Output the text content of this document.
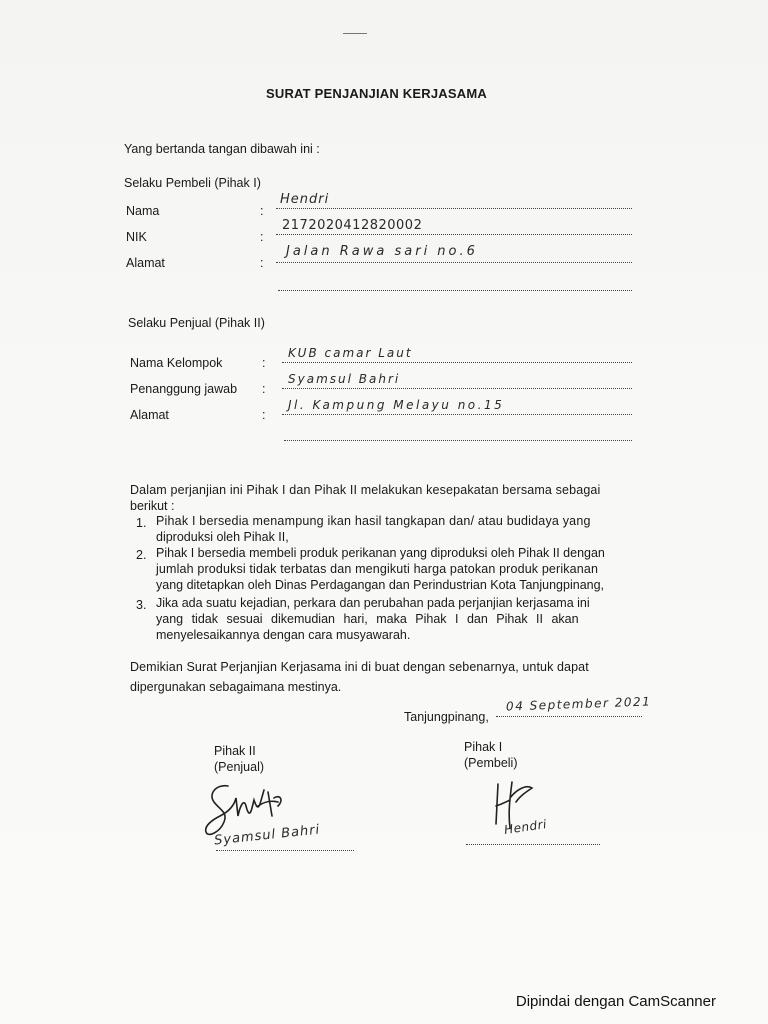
SURAT PENJANJIAN KERJASAMA
Yang bertanda tangan dibawah ini :
Selaku Pembeli (Pihak I)
Nama	:
Hendri
NIK	:
2172020412820002
Alamat	:
Jalan Rawa sari no.6
Selaku Penjual (Pihak II)
Nama Kelompok	:
KUB camar Laut
Penanggung jawab :
Syamsul Bahri
Alamat	:
Jl. Kampung Melayu no.15
Dalam perjanjian ini Pihak I dan Pihak II melakukan kesepakatan bersama sebagai
berikut :
1. Pihak I bersedia menampung ikan hasil tangkapan dan/ atau budidaya yang
diproduksi oleh Pihak II,
2. Pihak I bersedia membeli produk perikanan yang diproduksi oleh Pihak II dengan
jumlah produksi tidak terbatas dan mengikuti harga patokan produk perikanan
yang ditetapkan oleh Dinas Perdagangan dan Perindustrian Kota Tanjungpinang,
3. Jika ada suatu kejadian, perkara dan perubahan pada perjanjian kerjasama ini
yang tidak sesuai dikemudian hari, maka Pihak I dan Pihak II akan
menyelesaikannya dengan cara musyawarah.
Demikian Surat Perjanjian Kerjasama ini di buat dengan sebenarnya, untuk dapat
dipergunakan sebagaimana mestinya.
Tanjungpinang,
04 September 2021
Pihak II
(Penjual)
Pihak I
(Pembeli)
Syamsul Bahri	Hendri
Dipindai dengan CamScanner
